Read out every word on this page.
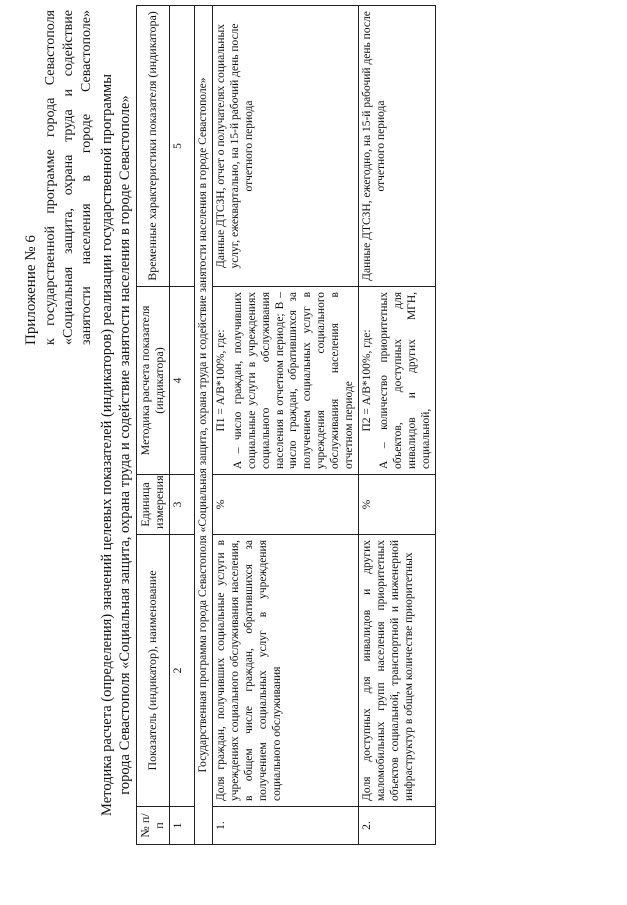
Приложение № 6 к государственной программе города Севастополя «Социальная защита, охрана труда и содействие занятости населения в городе Севастополе» Методика расчета (определения) значений целевых показателей (индикаторов) реализации государственной программы города Севастополя «Социальная защита, охрана труда и содействие занятости населения в городе Севастополе»
№ п/п	Показатель (индикатор), наименование	Единица измерения	Методика расчета показателя (индикатора)	Временные характеристики показателя (индикатора)
1	2	3	4	5
Государственная программа города Севастополя «Социальная защита, охрана труда и содействие занятости населения в городе Севастополе»				
1.	Доля граждан, получивших социальные услуги в учреждениях социального обслуживания населения, в общем числе граждан, обратившихся за получением социальных услуг в учреждения социального обслуживания	%	П1 = А/В*100%, где: А – число граждан, получивших социальные услуги в учреждениях социального обслуживания населения в отчетном периоде; В – число граждан, обратившихся за получением социальных услуг в учреждения социального обслуживания населения в отчетном периоде	Данные ДТСЗН, отчет о получателях социальных услуг, ежеквартально, на 15-й рабочий день после отчетного периода
2.	Доля доступных для инвалидов и других маломобильных групп населения приоритетных объектов социальной, транспортной и инженерной инфраструктур в общем количестве приоритетных	%	П2 = А/В*100%, где: А – количество приоритетных объектов, доступных для инвалидов и других МГН, социальной,	Данные ДТСЗН, ежегодно, на 15-й рабочий день после отчетного периода
